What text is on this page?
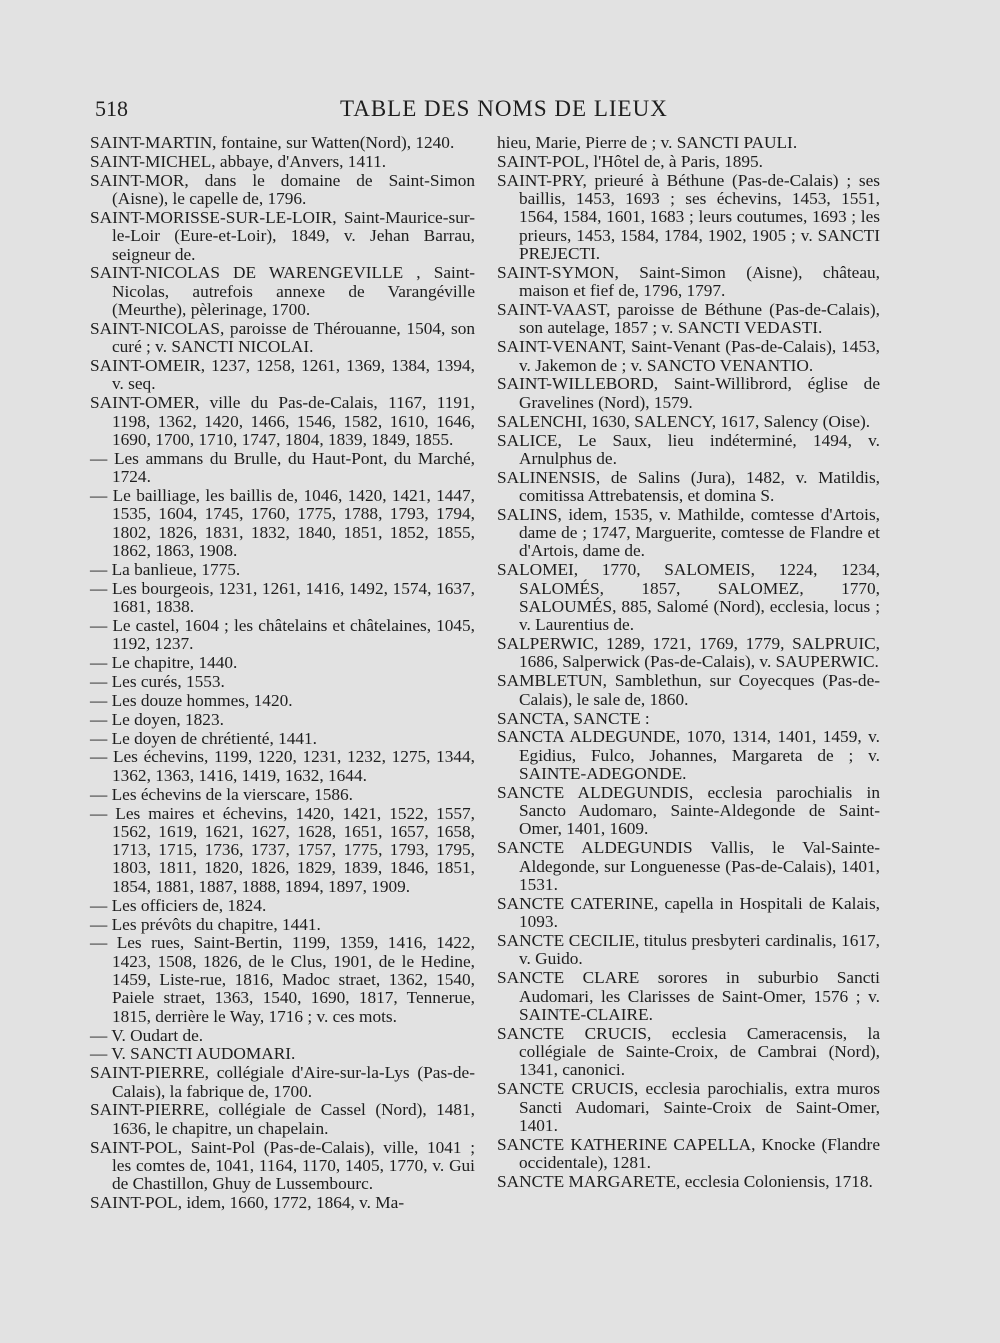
518	TABLE DES NOMS DE LIEUX
SAINT-MARTIN, fontaine, sur Watten(Nord), 1240.
SAINT-MICHEL, abbaye, d'Anvers, 1411.
SAINT-MOR, dans le domaine de Saint-Simon (Aisne), le capelle de, 1796.
SAINT-MORISSE-SUR-LE-LOIR, Saint-Maurice-sur-le-Loir (Eure-et-Loir), 1849, v. Jehan Barrau, seigneur de.
SAINT-NICOLAS DE WARENGEVILLE , Saint-Nicolas, autrefois annexe de Varangéville (Meurthe), pèlerinage, 1700.
SAINT-NICOLAS, paroisse de Thérouanne, 1504, son curé ; v. SANCTI NICOLAI.
SAINT-OMEIR, 1237, 1258, 1261, 1369, 1384, 1394, v. seq.
SAINT-OMER, ville du Pas-de-Calais, 1167, 1191, 1198, 1362, 1420, 1466, 1546, 1582, 1610, 1646, 1690, 1700, 1710, 1747, 1804, 1839, 1849, 1855.
— Les ammans du Brulle, du Haut-Pont, du Marché, 1724.
— Le bailliage, les baillis de, 1046, 1420, 1421, 1447, 1535, 1604, 1745, 1760, 1775, 1788, 1793, 1794, 1802, 1826, 1831, 1832, 1840, 1851, 1852, 1855, 1862, 1863, 1908.
— La banlieue, 1775.
— Les bourgeois, 1231, 1261, 1416, 1492, 1574, 1637, 1681, 1838.
— Le castel, 1604 ; les châtelains et châtelaines, 1045, 1192, 1237.
— Le chapitre, 1440.
— Les curés, 1553.
— Les douze hommes, 1420.
— Le doyen, 1823.
— Le doyen de chrétienté, 1441.
— Les échevins, 1199, 1220, 1231, 1232, 1275, 1344, 1362, 1363, 1416, 1419, 1632, 1644.
— Les échevins de la vierscare, 1586.
— Les maires et échevins, 1420, 1421, 1522, 1557, 1562, 1619, 1621, 1627, 1628, 1651, 1657, 1658, 1713, 1715, 1736, 1737, 1757, 1775, 1793, 1795, 1803, 1811, 1820, 1826, 1829, 1839, 1846, 1851, 1854, 1881, 1887, 1888, 1894, 1897, 1909.
— Les officiers de, 1824.
— Les prévôts du chapitre, 1441.
— Les rues, Saint-Bertin, 1199, 1359, 1416, 1422, 1423, 1508, 1826, de le Clus, 1901, de le Hedine, 1459, Liste-rue, 1816, Madoc straet, 1362, 1540, Paiele straet, 1363, 1540, 1690, 1817, Tennerue, 1815, derrière le Way, 1716 ; v. ces mots.
— V. Oudart de.
— V. SANCTI AUDOMARI.
SAINT-PIERRE, collégiale d'Aire-sur-la-Lys (Pas-de-Calais), la fabrique de, 1700.
SAINT-PIERRE, collégiale de Cassel (Nord), 1481, 1636, le chapitre, un chapelain.
SAINT-POL, Saint-Pol (Pas-de-Calais), ville, 1041 ; les comtes de, 1041, 1164, 1170, 1405, 1770, v. Gui de Chastillon, Ghuy de Lussembourc.
SAINT-POL, idem, 1660, 1772, 1864, v. Ma-
hieu, Marie, Pierre de ; v. SANCTI PAULI.
SAINT-POL, l'Hôtel de, à Paris, 1895.
SAINT-PRY, prieuré à Béthune (Pas-de-Calais) ; ses baillis, 1453, 1693 ; ses échevins, 1453, 1551, 1564, 1584, 1601, 1683 ; leurs coutumes, 1693 ; les prieurs, 1453, 1584, 1784, 1902, 1905 ; v. SANCTI PREJECTI.
SAINT-SYMON, Saint-Simon (Aisne), château, maison et fief de, 1796, 1797.
SAINT-VAAST, paroisse de Béthune (Pas-de-Calais), son autelage, 1857 ; v. SANCTI VEDASTI.
SAINT-VENANT, Saint-Venant (Pas-de-Calais), 1453, v. Jakemon de ; v. SANCTO VENANTIO.
SAINT-WILLEBORD, Saint-Willibrord, église de Gravelines (Nord), 1579.
SALENCHI, 1630, SALENCY, 1617, Salency (Oise).
SALICE, Le Saux, lieu indéterminé, 1494, v. Arnulphus de.
SALINENSIS, de Salins (Jura), 1482, v. Matildis, comitissa Attrebatensis, et domina S.
SALINS, idem, 1535, v. Mathilde, comtesse d'Artois, dame de ; 1747, Marguerite, comtesse de Flandre et d'Artois, dame de.
SALOMEI, 1770, SALOMEIS, 1224, 1234, SALOMÉS, 1857, SALOMEZ, 1770, SALOUMÉS, 885, Salomé (Nord), ecclesia, locus ; v. Laurentius de.
SALPERWIC, 1289, 1721, 1769, 1779, SALPRUIC, 1686, Salperwick (Pas-de-Calais), v. SAUPERWIC.
SAMBLETUN, Samblethun, sur Coyecques (Pas-de-Calais), le sale de, 1860.
SANCTA, SANCTE :
SANCTA ALDEGUNDE, 1070, 1314, 1401, 1459, v. Egidius, Fulco, Johannes, Margareta de ; v. SAINTE-ADEGONDE.
SANCTE ALDEGUNDIS, ecclesia parochialis in Sancto Audomaro, Sainte-Aldegonde de Saint-Omer, 1401, 1609.
SANCTE ALDEGUNDIS Vallis, le Val-Sainte-Aldegonde, sur Longuenesse (Pas-de-Calais), 1401, 1531.
SANCTE CATERINE, capella in Hospitali de Kalais, 1093.
SANCTE CECILIE, titulus presbyteri cardinalis, 1617, v. Guido.
SANCTE CLARE sorores in suburbio Sancti Audomari, les Clarisses de Saint-Omer, 1576 ; v. SAINTE-CLAIRE.
SANCTE CRUCIS, ecclesia Cameracensis, la collégiale de Sainte-Croix, de Cambrai (Nord), 1341, canonici.
SANCTE CRUCIS, ecclesia parochialis, extra muros Sancti Audomari, Sainte-Croix de Saint-Omer, 1401.
SANCTE KATHERINE CAPELLA, Knocke (Flandre occidentale), 1281.
SANCTE MARGARETE, ecclesia Coloniensis, 1718.
